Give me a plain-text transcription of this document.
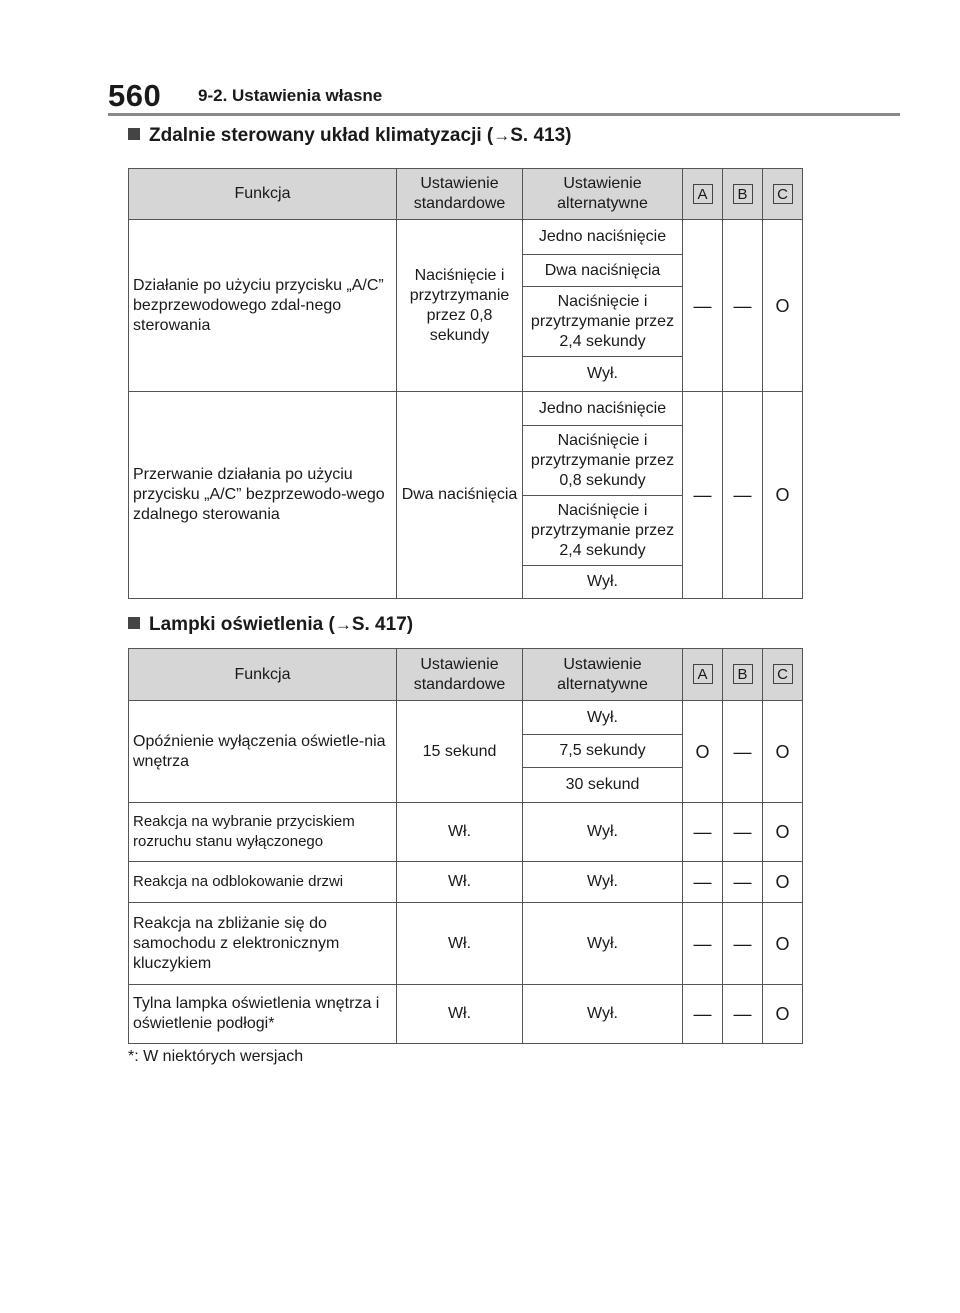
560 9-2. Ustawienia własne
Zdalnie sterowany układ klimatyzacji (→S. 413)
Funkcja	Ustawienie standardowe	Ustawienie alternatywne	A	B	C
Działanie po użyciu przycisku „A/C” bezprzewodowego zdal-nego sterowania	Naciśnięcie i przytrzymanie przez 0,8 sekundy	Jedno naciśnięcie	—	—	O
		Dwa naciśnięcia			
		Naciśnięcie i przytrzymanie przez 2,4 sekundy			
		Wył.			
Przerwanie działania po użyciu przycisku „A/C” bezprzewodo-wego zdalnego sterowania	Dwa naciśnięcia	Jedno naciśnięcie	—	—	O
		Naciśnięcie i przytrzymanie przez 0,8 sekundy			
		Naciśnięcie i przytrzymanie przez 2,4 sekundy			
		Wył.			
Lampki oświetlenia (→S. 417)
Funkcja	Ustawienie standardowe	Ustawienie alternatywne	A	B	C
Opóźnienie wyłączenia oświetle-nia wnętrza	15 sekund	Wył.	O	—	O
		7,5 sekundy			
		30 sekund			
Reakcja na wybranie przyciskiem rozruchu stanu wyłączonego	Wł.	Wył.	—	—	O
Reakcja na odblokowanie drzwi	Wł.	Wył.	—	—	O
Reakcja na zbliżanie się do samochodu z elektronicznym kluczykiem	Wł.	Wył.	—	—	O
Tylna lampka oświetlenia wnętrza i oświetlenie podłogi*	Wł.	Wył.	—	—	O
*: W niektórych wersjach
